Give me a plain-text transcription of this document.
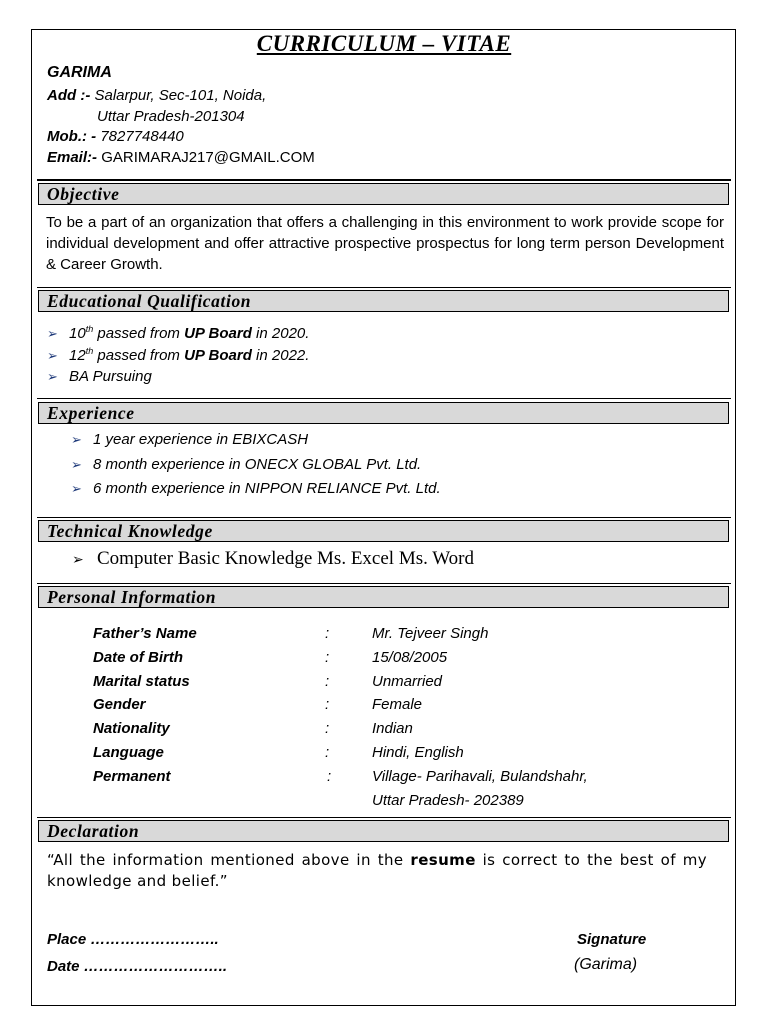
CURRICULUM – VITAE
GARIMA
Add :- Salarpur, Sec-101, Noida,
Uttar Pradesh-201304
Mob.: - 7827748440
Email:- GARIMARAJ217@GMAIL.COM
Objective
To be a part of an organization that offers a challenging in this environment to work provide scope for individual development and offer attractive prospective prospectus for long term person Development & Career Growth.
Educational Qualification
➢ 10th passed from UP Board in 2020.
➢ 12th passed from UP Board in 2022.
➢ BA Pursuing
Experience
➢ 1 year experience in EBIXCASH
➢ 8 month experience in ONECX GLOBAL Pvt. Ltd.
➢ 6 month experience in NIPPON RELIANCE Pvt. Ltd.
Technical Knowledge
➢ Computer Basic Knowledge Ms. Excel Ms. Word
Personal Information
Father’s Name	:	Mr. Tejveer Singh
Date of Birth	:	15/08/2005
Marital status	:	Unmarried
Gender	:	Female
Nationality	:	Indian
Language	:	Hindi, English
Permanent	:	Village- Parihavali, Bulandshahr,
Uttar Pradesh- 202389
Declaration
“All the information mentioned above in the resume is correct to the best of my knowledge and belief.”
Place ……………………..
Date ………………………..
Signature
(Garima)
